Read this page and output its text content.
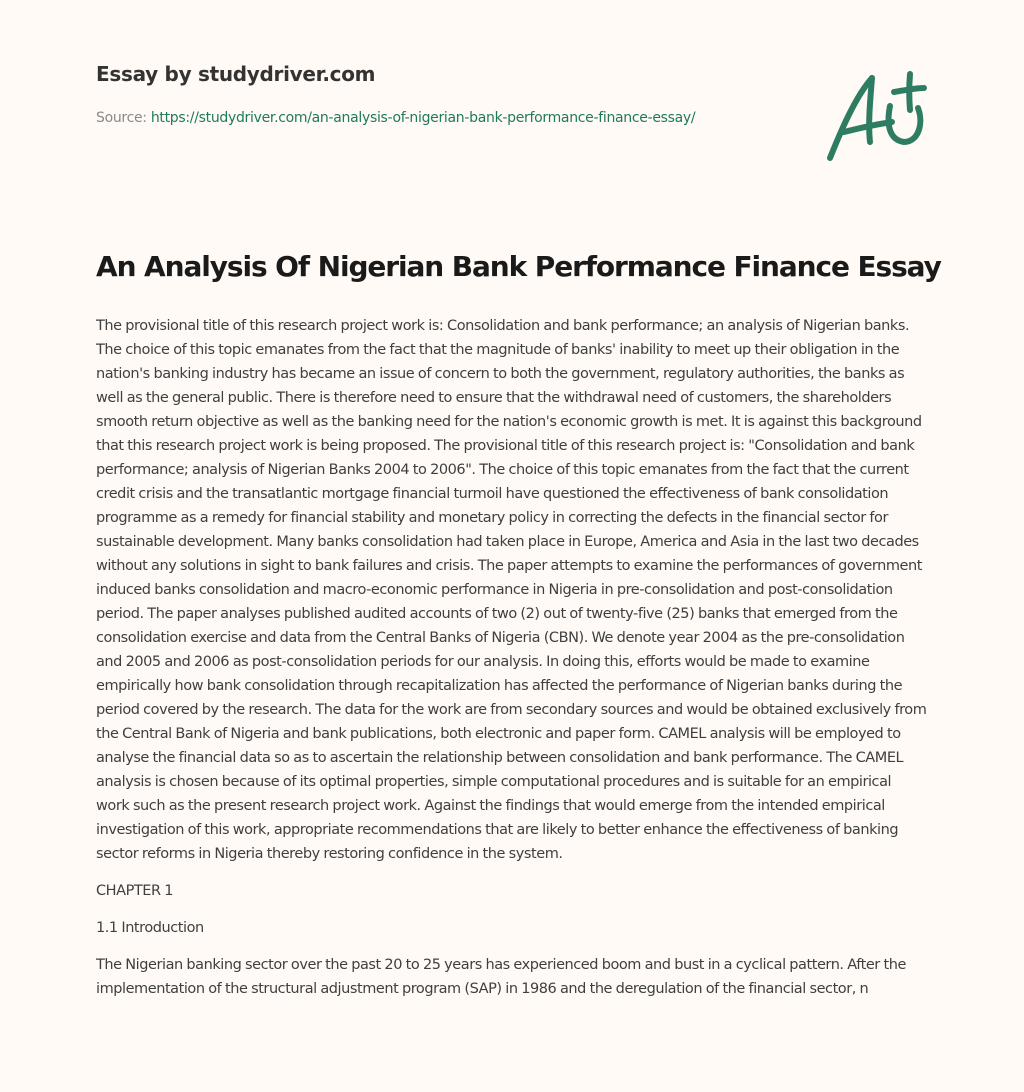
Essay by studydriver.com
Source: https://studydriver.com/an-analysis-of-nigerian-bank-performance-finance-essay/
An Analysis Of Nigerian Bank Performance Finance Essay

The provisional title of this research project work is: Consolidation and bank performance; an analysis of Nigerian banks. The choice of this topic emanates from the fact that the magnitude of banks' inability to meet up their obligation in the nation's banking industry has became an issue of concern to both the government, regulatory authorities, the banks as well as the general public. There is therefore need to ensure that the withdrawal need of customers, the shareholders smooth return objective as well as the banking need for the nation's economic growth is met. It is against this background that this research project work is being proposed. The provisional title of this research project is: "Consolidation and bank performance; analysis of Nigerian Banks 2004 to 2006". The choice of this topic emanates from the fact that the current credit crisis and the transatlantic mortgage financial turmoil have questioned the effectiveness of bank consolidation programme as a remedy for financial stability and monetary policy in correcting the defects in the financial sector for sustainable development. Many banks consolidation had taken place in Europe, America and Asia in the last two decades without any solutions in sight to bank failures and crisis. The paper attempts to examine the performances of government induced banks consolidation and macro-economic performance in Nigeria in pre-consolidation and post-consolidation period. The paper analyses published audited accounts of two (2) out of twenty-five (25) banks that emerged from the consolidation exercise and data from the Central Banks of Nigeria (CBN). We denote year 2004 as the pre-consolidation and 2005 and 2006 as post-consolidation periods for our analysis. In doing this, efforts would be made to examine empirically how bank consolidation through recapitalization has affected the performance of Nigerian banks during the period covered by the research. The data for the work are from secondary sources and would be obtained exclusively from the Central Bank of Nigeria and bank publications, both electronic and paper form. CAMEL analysis will be employed to analyse the financial data so as to ascertain the relationship between consolidation and bank performance. The CAMEL analysis is chosen because of its optimal properties, simple computational procedures and is suitable for an empirical work such as the present research project work. Against the findings that would emerge from the intended empirical investigation of this work, appropriate recommendations that are likely to better enhance the effectiveness of banking sector reforms in Nigeria thereby restoring confidence in the system.

CHAPTER 1

1.1 Introduction

The Nigerian banking sector over the past 20 to 25 years has experienced boom and bust in a cyclical pattern. After the implementation of the structural adjustment program (SAP) in 1986 and the deregulation of the financial sector, n
